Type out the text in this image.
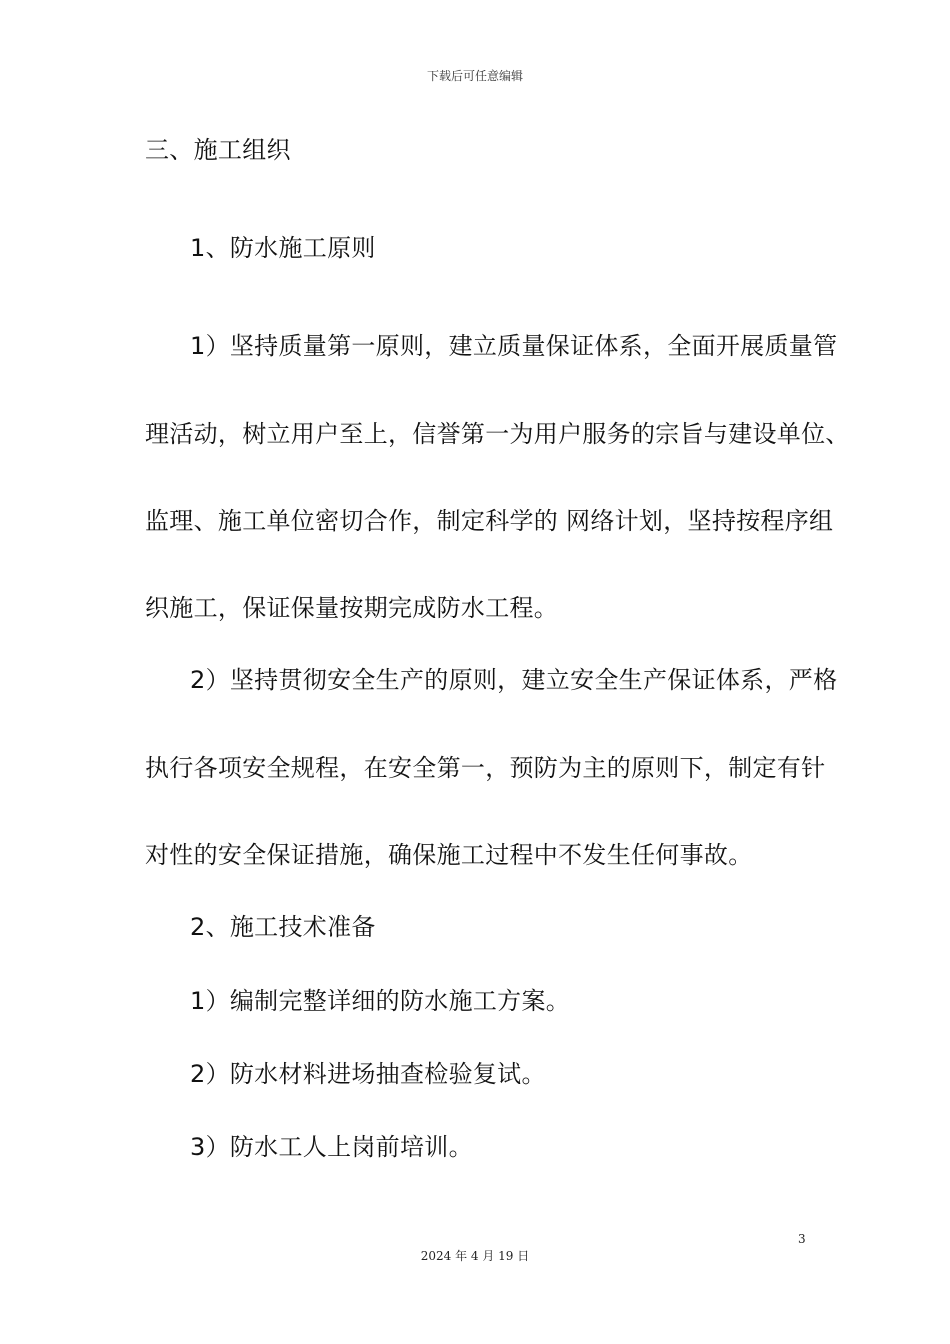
下载后可任意编辑
三、施工组织
1、防水施工原则
1）坚持质量第一原则，建立质量保证体系，全面开展质量管
理活动，树立用户至上，信誉第一为用户服务的宗旨与建设单位、
监理、施工单位密切合作，制定科学的 网络计划，坚持按程序组
织施工，保证保量按期完成防水工程。
2）坚持贯彻安全生产的原则，建立安全生产保证体系，严格
执行各项安全规程，在安全第一，预防为主的原则下，制定有针
对性的安全保证措施，确保施工过程中不发生任何事故。
2、施工技术准备
1）编制完整详细的防水施工方案。
2）防水材料进场抽查检验复试。
3）防水工人上岗前培训。
3
2024 年 4 月 19 日
